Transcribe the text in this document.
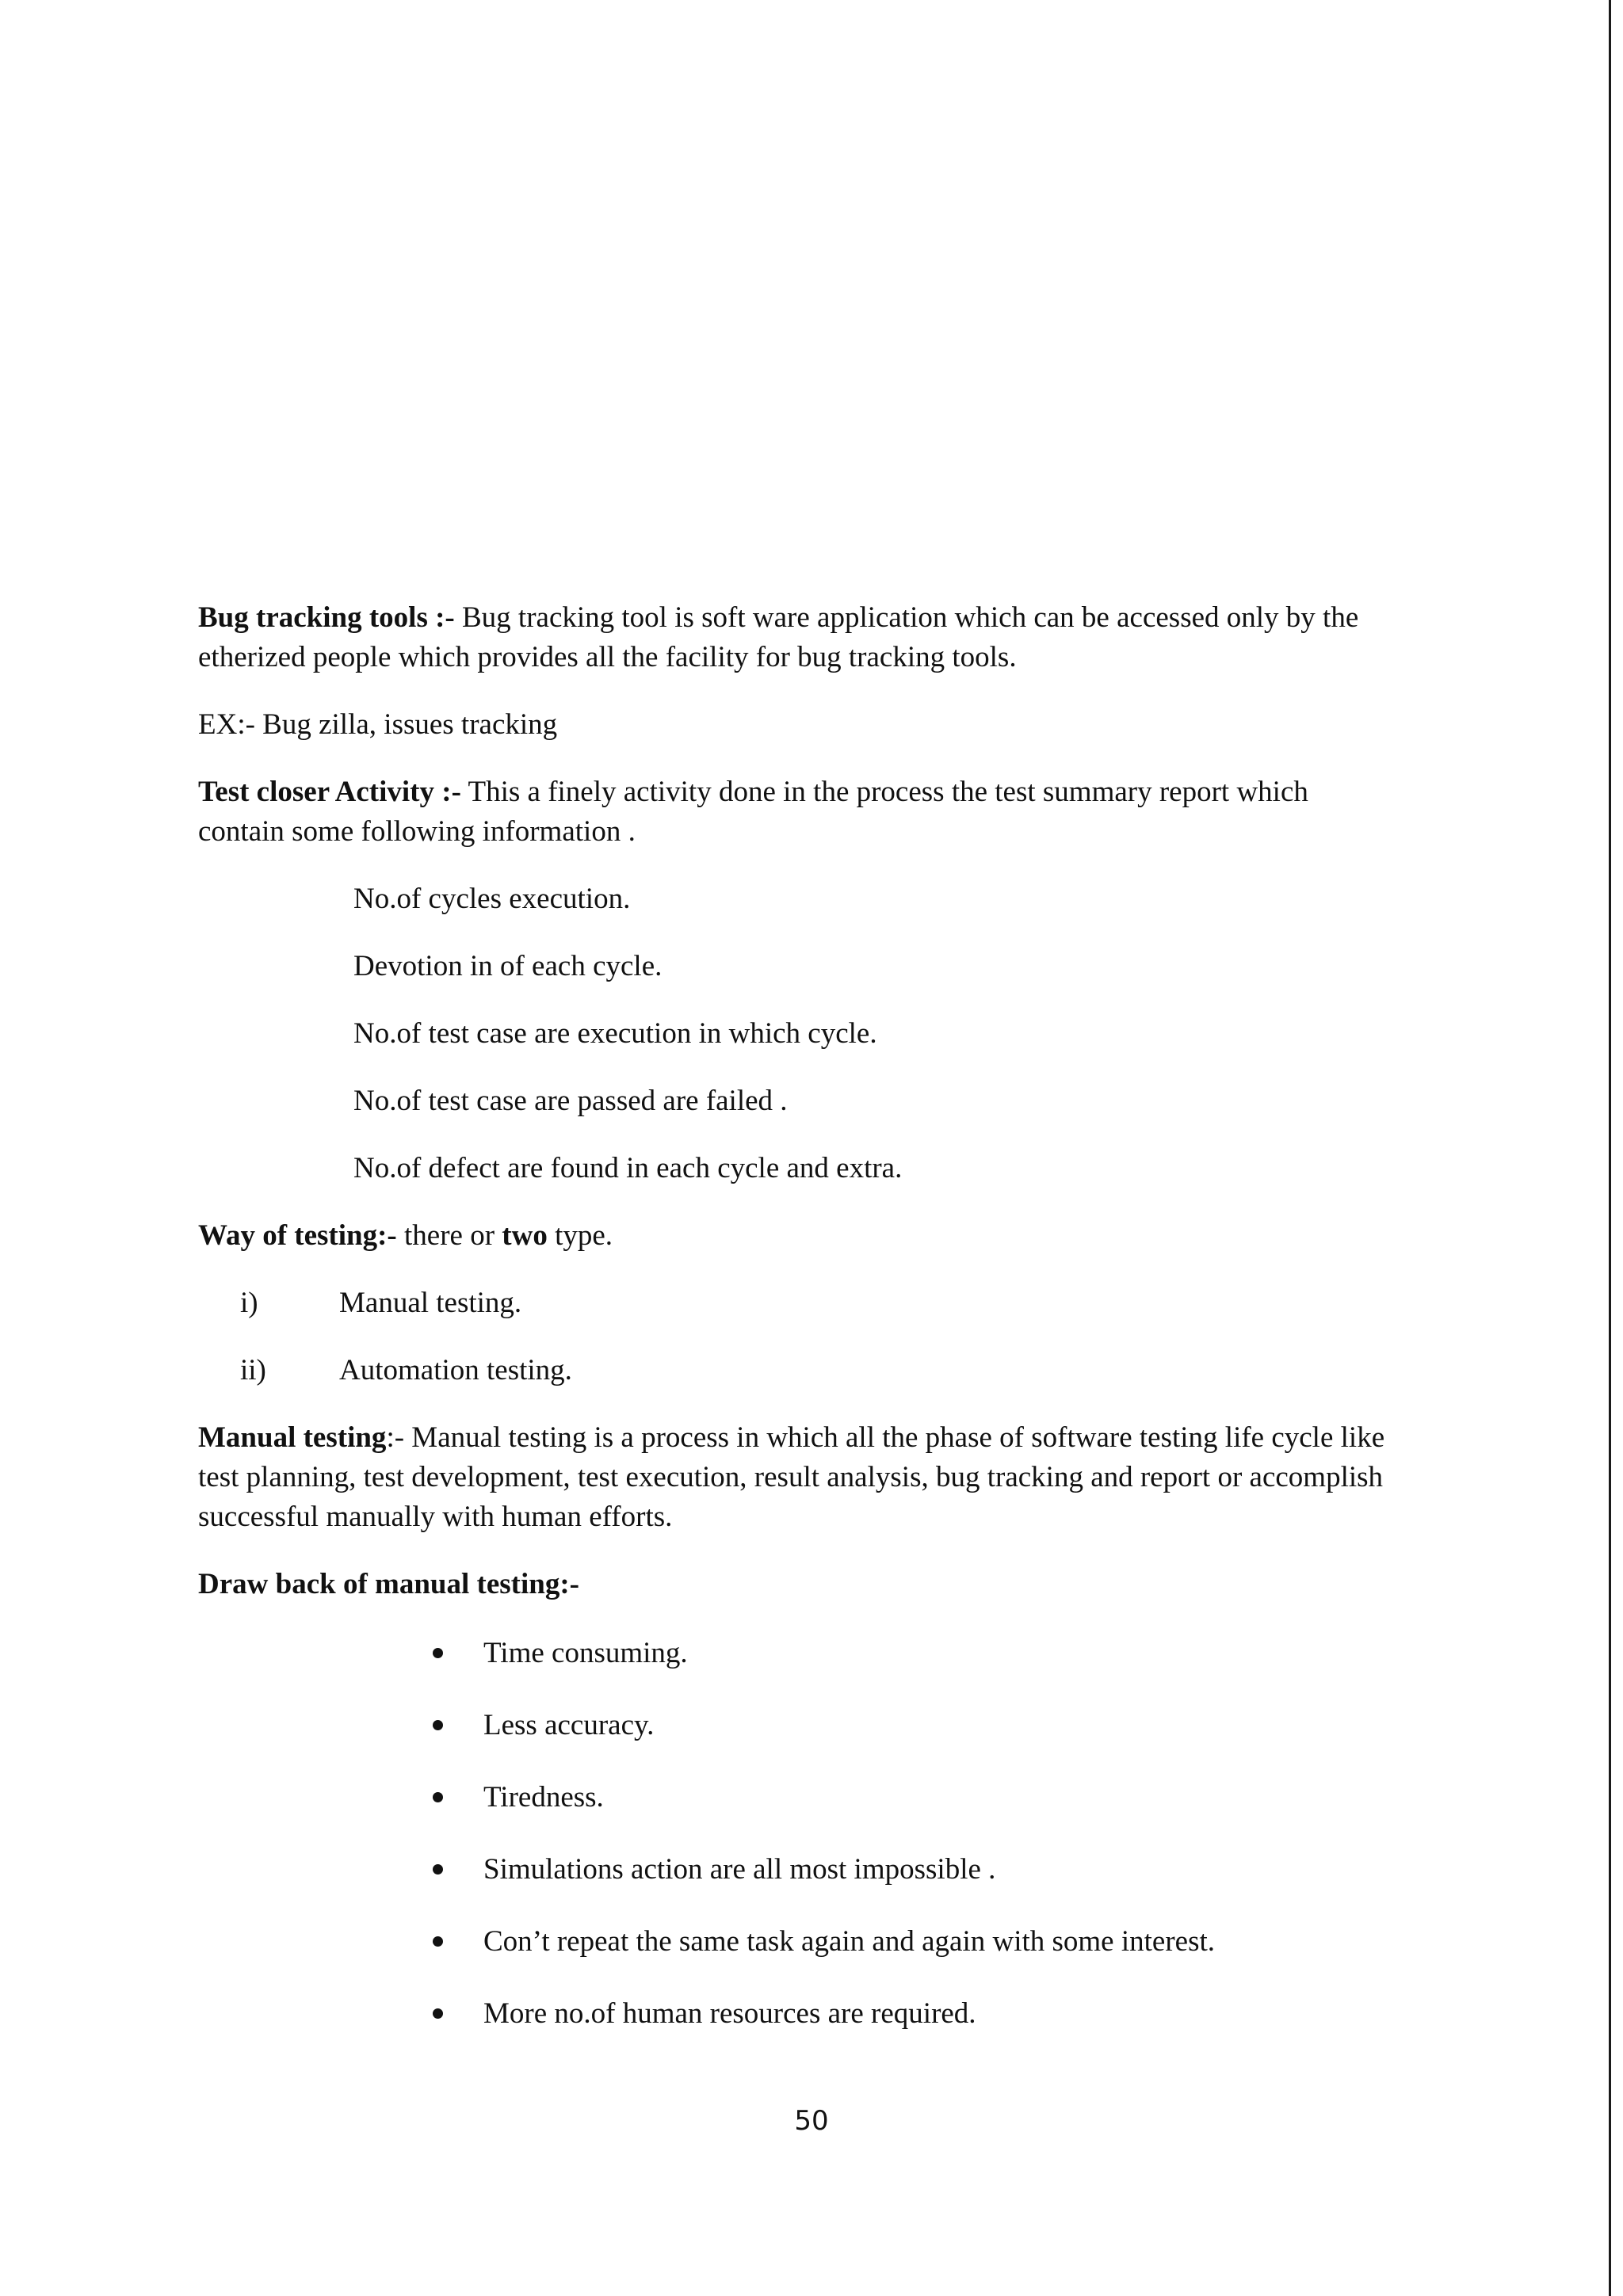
Bug tracking tools :- Bug tracking tool is soft ware application which can be accessed only by the
etherized people which provides all the facility for bug tracking tools.
EX:- Bug zilla, issues tracking
Test closer Activity :- This a finely activity done in the process the test summary report which
contain some following information .
No.of cycles execution.
Devotion in of each cycle.
No.of test case are execution in which cycle.
No.of test case are passed are failed .
No.of defect are found in each cycle and extra.
Way of testing:- there or two type.
i)	Manual testing.
ii) Automation testing.
Manual testing:- Manual testing is a process in which all the phase of software testing life cycle like
test planning, test development, test execution, result analysis, bug tracking and report or accomplish
successful manually with human efforts.
Draw back of manual testing:-
Time consuming.
Less accuracy.
Tiredness.
Simulations action are all most impossible .
Con’t repeat the same task again and again with some interest.
More no.of human resources are required.
50
